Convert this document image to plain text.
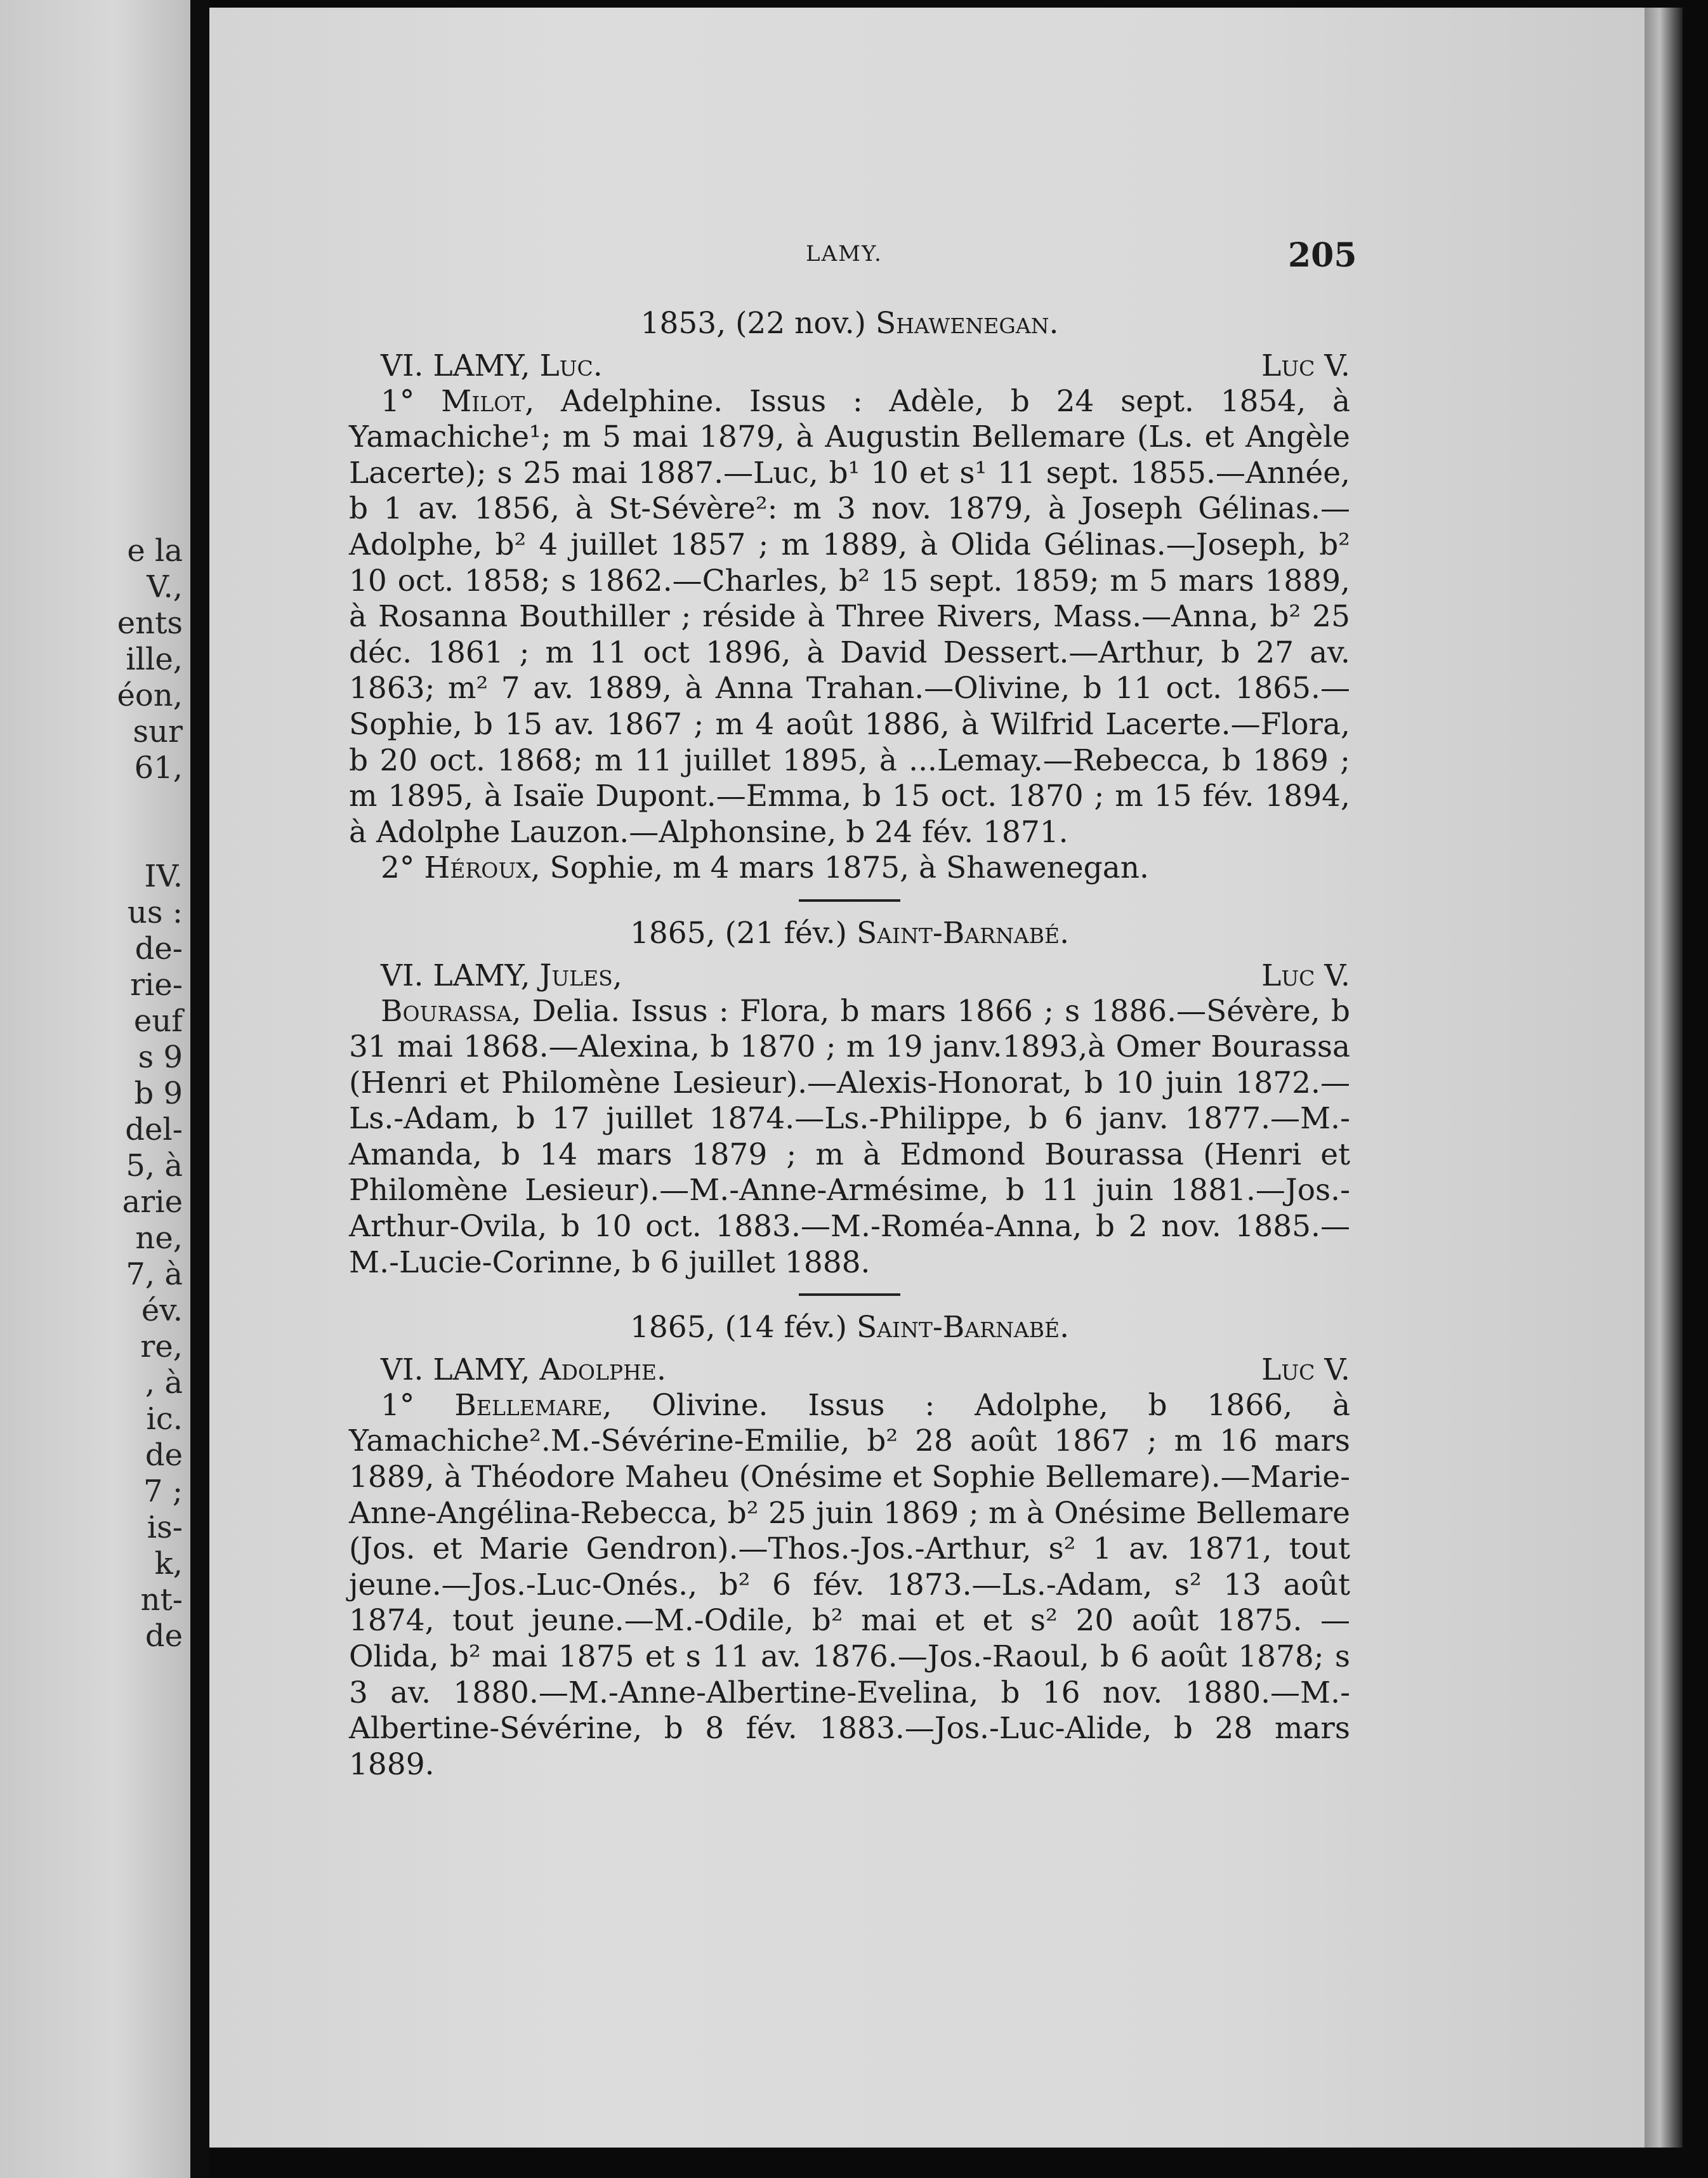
e la
V.,
ents
ille,
éon,
sur
61,
IV.
us :
de-
rie-
euf
s 9
b 9
del-
5, à
arie
ne,
7, à
év.
re,
, à
ic.
de
7 ;
is-
k,
nt-
de
LAMY.	205
1853, (22 nov.) Shawenegan.
VI. LAMY, Luc.	Luc V.

1° Milot, Adelphine. Issus : Adèle, b 24 sept. 1854, à Yamachiche¹; m 5 mai 1879, à Augustin Bellemare (Ls. et Angèle Lacerte); s 25 mai 1887.—Luc, b¹ 10 et s¹ 11 sept. 1855.—Année, b 1 av. 1856, à St-Sévère²: m 3 nov. 1879, à Joseph Gélinas.—Adolphe, b² 4 juillet 1857 ; m 1889, à Olida Gélinas.—Joseph, b² 10 oct. 1858; s 1862.—Charles, b² 15 sept. 1859; m 5 mars 1889, à Rosanna Bouthiller ; réside à Three Rivers, Mass.—Anna, b² 25 déc. 1861 ; m 11 oct 1896, à David Dessert.—Arthur, b 27 av. 1863; m² 7 av. 1889, à Anna Trahan.—Olivine, b 11 oct. 1865.—Sophie, b 15 av. 1867 ; m 4 août 1886, à Wilfrid Lacerte.—Flora, b 20 oct. 1868; m 11 juillet 1895, à ...Lemay.—Rebecca, b 1869 ; m 1895, à Isaïe Dupont.—Emma, b 15 oct. 1870 ; m 15 fév. 1894, à Adolphe Lauzon.—Alphonsine, b 24 fév. 1871.

2° Héroux, Sophie, m 4 mars 1875, à Shawenegan.

1865, (21 fév.) Saint-Barnabé.
VI. LAMY, Jules,	Luc V.

Bourassa, Delia. Issus : Flora, b mars 1866 ; s 1886.—Sévère, b 31 mai 1868.—Alexina, b 1870 ; m 19 janv.1893,à Omer Bourassa (Henri et Philomène Lesieur).—Alexis-Honorat, b 10 juin 1872.—Ls.-Adam, b 17 juillet 1874.—Ls.-Philippe, b 6 janv. 1877.—M.-Amanda, b 14 mars 1879 ; m à Edmond Bourassa (Henri et Philomène Lesieur).—M.-Anne-Armésime, b 11 juin 1881.—Jos.-Arthur-Ovila, b 10 oct. 1883.—M.-Roméa-Anna, b 2 nov. 1885.—M.-Lucie-Corinne, b 6 juillet 1888.

1865, (14 fév.) Saint-Barnabé.
VI. LAMY, Adolphe.	Luc V.

1° Bellemare, Olivine. Issus : Adolphe, b 1866, à Yamachiche².M.-Sévérine-Emilie, b² 28 août 1867 ; m 16 mars 1889, à Théodore Maheu (Onésime et Sophie Bellemare).—Marie-Anne-Angélina-Rebecca, b² 25 juin 1869 ; m à Onésime Bellemare (Jos. et Marie Gendron).—Thos.-Jos.-Arthur, s² 1 av. 1871, tout jeune.—Jos.-Luc-Onés., b² 6 fév. 1873.—Ls.-Adam, s² 13 août 1874, tout jeune.—M.-Odile, b² mai et et s² 20 août 1875. — Olida, b² mai 1875 et s 11 av. 1876.—Jos.-Raoul, b 6 août 1878; s 3 av. 1880.—M.-Anne-Albertine-Evelina, b 16 nov. 1880.—M.-Albertine-Sévérine, b 8 fév. 1883.—Jos.-Luc-Alide, b 28 mars 1889.
